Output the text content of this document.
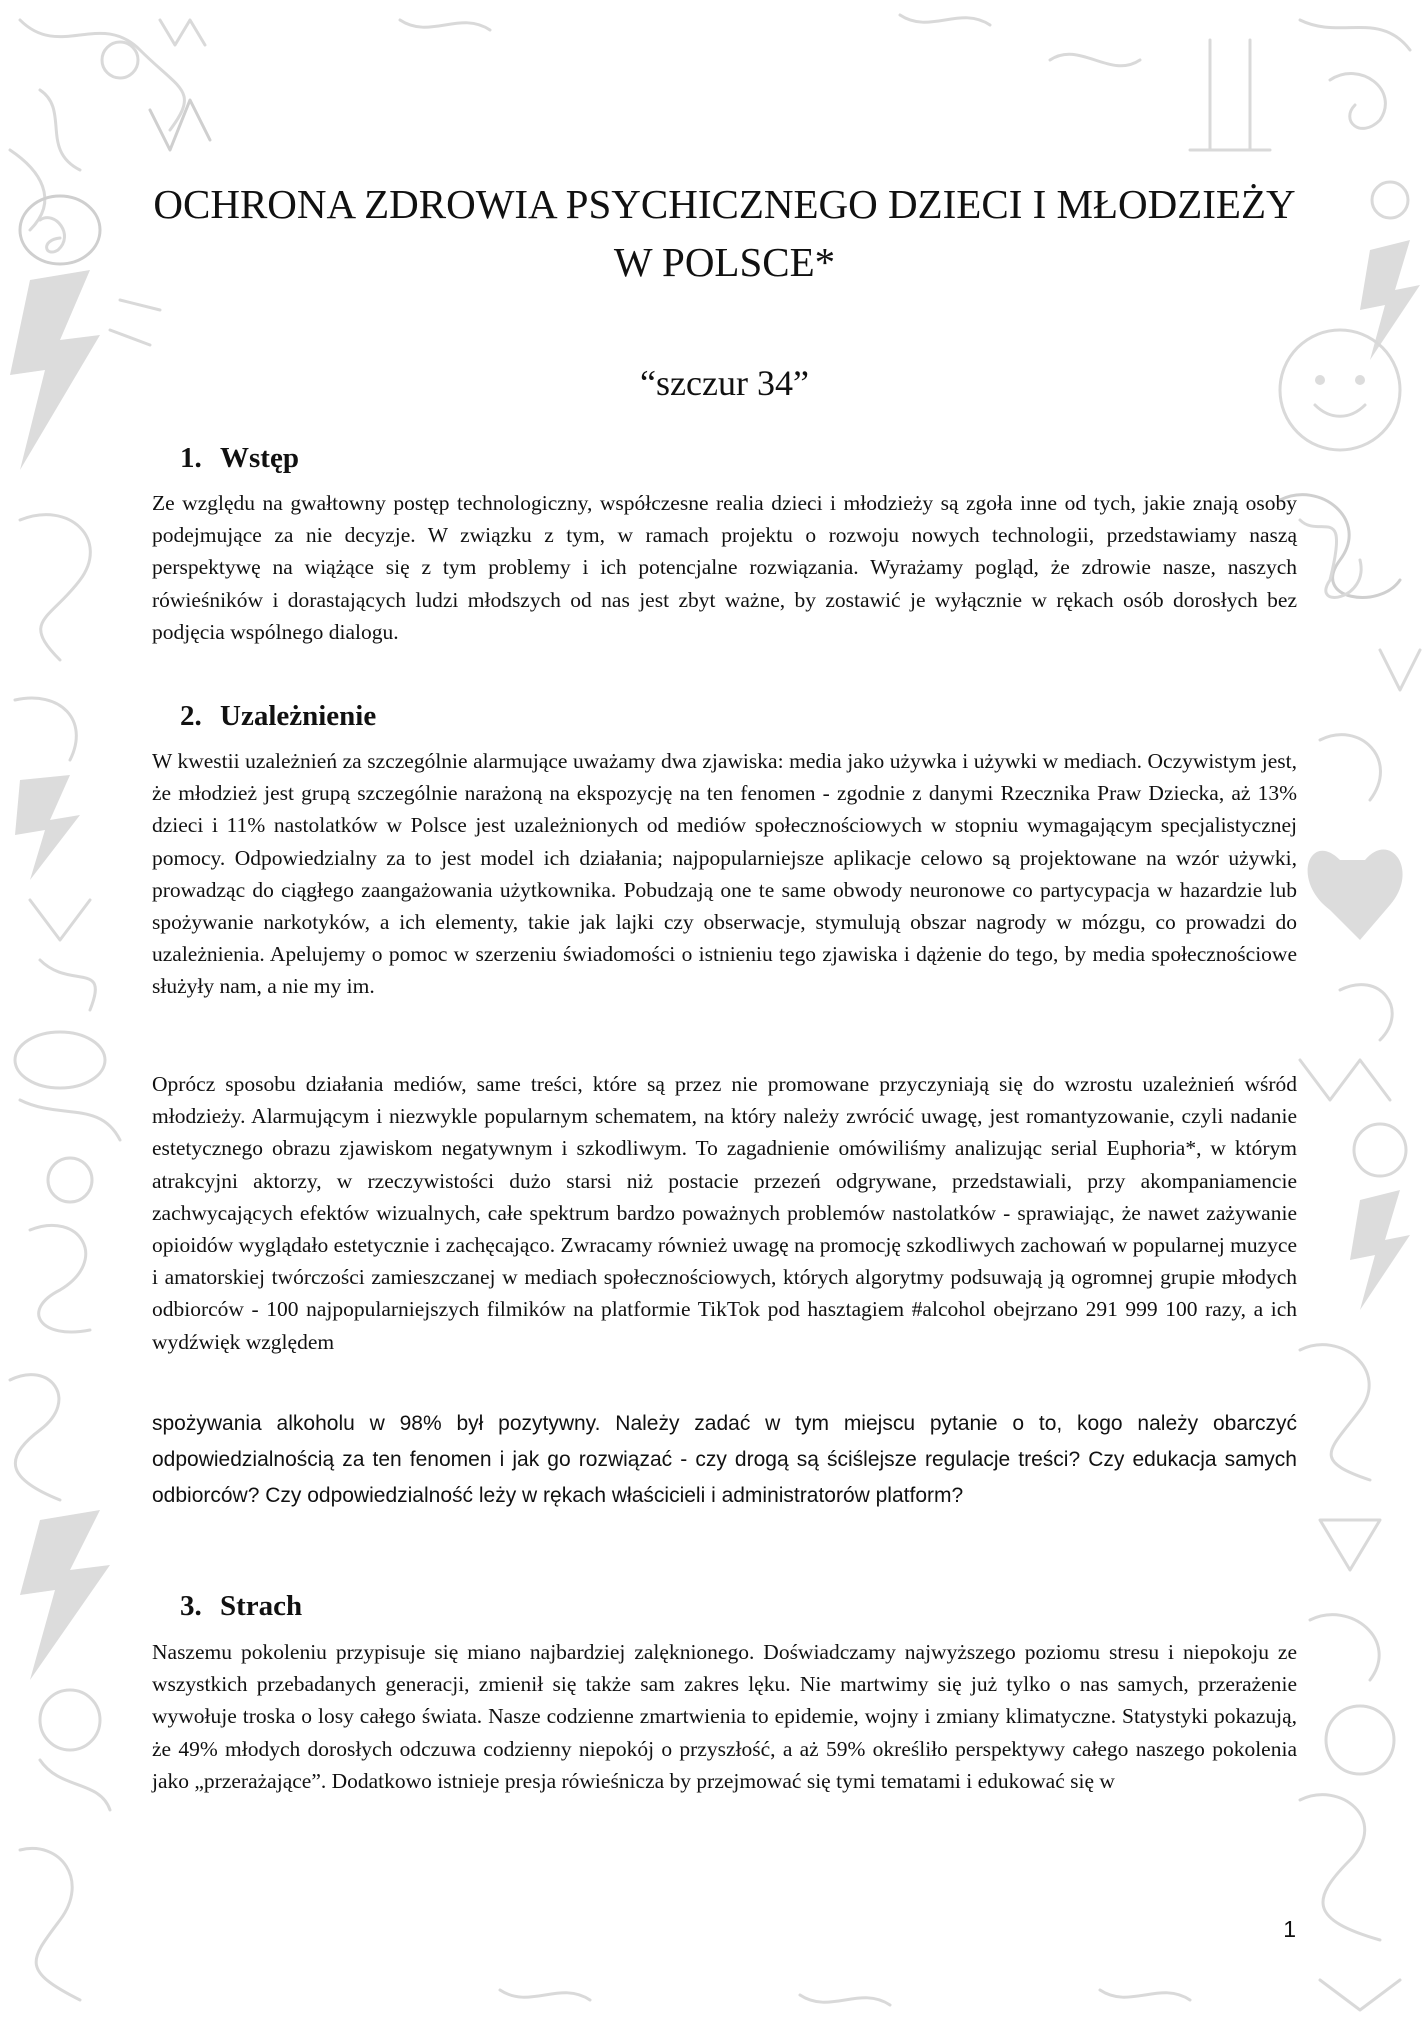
OCHRONA ZDROWIA PSYCHICZNEGO DZIECI I MŁODZIEŻY
W POLSCE*
“szczur 34”
1. Wstęp

Ze względu na gwałtowny postęp technologiczny, współczesne realia dzieci i młodzieży są zgoła inne od tych, jakie znają osoby podejmujące za nie decyzje. W związku z tym, w ramach projektu o rozwoju nowych technologii, przedstawiamy naszą perspektywę na wiążące się z tym problemy i ich potencjalne rozwiązania. Wyrażamy pogląd, że zdrowie nasze, naszych rówieśników i dorastających ludzi młodszych od nas jest zbyt ważne, by zostawić je wyłącznie w rękach osób dorosłych bez podjęcia wspólnego dialogu.

2. Uzależnienie

W kwestii uzależnień za szczególnie alarmujące uważamy dwa zjawiska: media jako używka i używki w mediach. Oczywistym jest, że młodzież jest grupą szczególnie narażoną na ekspozycję na ten fenomen - zgodnie z danymi Rzecznika Praw Dziecka, aż 13% dzieci i 11% nastolatków w Polsce jest uzależnionych od mediów społecznościowych w stopniu wymagającym specjalistycznej pomocy. Odpowiedzialny za to jest model ich działania; najpopularniejsze aplikacje celowo są projektowane na wzór używki, prowadząc do ciągłego zaangażowania użytkownika. Pobudzają one te same obwody neuronowe co partycypacja w hazardzie lub spożywanie narkotyków, a ich elementy, takie jak lajki czy obserwacje, stymulują obszar nagrody w mózgu, co prowadzi do uzależnienia. Apelujemy o pomoc w szerzeniu świadomości o istnieniu tego zjawiska i dążenie do tego, by media społecznościowe służyły nam, a nie my im.

Oprócz sposobu działania mediów, same treści, które są przez nie promowane przyczyniają się do wzrostu uzależnień wśród młodzieży. Alarmującym i niezwykle popularnym schematem, na który należy zwrócić uwagę, jest romantyzowanie, czyli nadanie estetycznego obrazu zjawiskom negatywnym i szkodliwym. To zagadnienie omówiliśmy analizując serial Euphoria*, w którym atrakcyjni aktorzy, w rzeczywistości dużo starsi niż postacie przezeń odgrywane, przedstawiali, przy akompaniamencie zachwycających efektów wizualnych, całe spektrum bardzo poważnych problemów nastolatków - sprawiając, że nawet zażywanie opioidów wyglądało estetycznie i zachęcająco. Zwracamy również uwagę na promocję szkodliwych zachowań w popularnej muzyce i amatorskiej twórczości zamieszczanej w mediach społecznościowych, których algorytmy podsuwają ją ogromnej grupie młodych odbiorców - 100 najpopularniejszych filmików na platformie TikTok pod hasztagiem #alcohol obejrzano 291 999 100 razy, a ich wydźwięk względem

spożywania alkoholu w 98% był pozytywny. Należy zadać w tym miejscu pytanie o to, kogo należy obarczyć odpowiedzialnością za ten fenomen i jak go rozwiązać - czy drogą są ściślejsze regulacje treści? Czy edukacja samych odbiorców? Czy odpowiedzialność leży w rękach właścicieli i administratorów platform?

3. Strach

Naszemu pokoleniu przypisuje się miano najbardziej zalęknionego. Doświadczamy najwyższego poziomu stresu i niepokoju ze wszystkich przebadanych generacji, zmienił się także sam zakres lęku. Nie martwimy się już tylko o nas samych, przerażenie wywołuje troska o losy całego świata. Nasze codzienne zmartwienia to epidemie, wojny i zmiany klimatyczne. Statystyki pokazują, że 49% młodych dorosłych odczuwa codzienny niepokój o przyszłość, a aż 59% określiło perspektywy całego naszego pokolenia jako „przerażające”. Dodatkowo istnieje presja rówieśnicza by przejmować się tymi tematami i edukować się w

1
